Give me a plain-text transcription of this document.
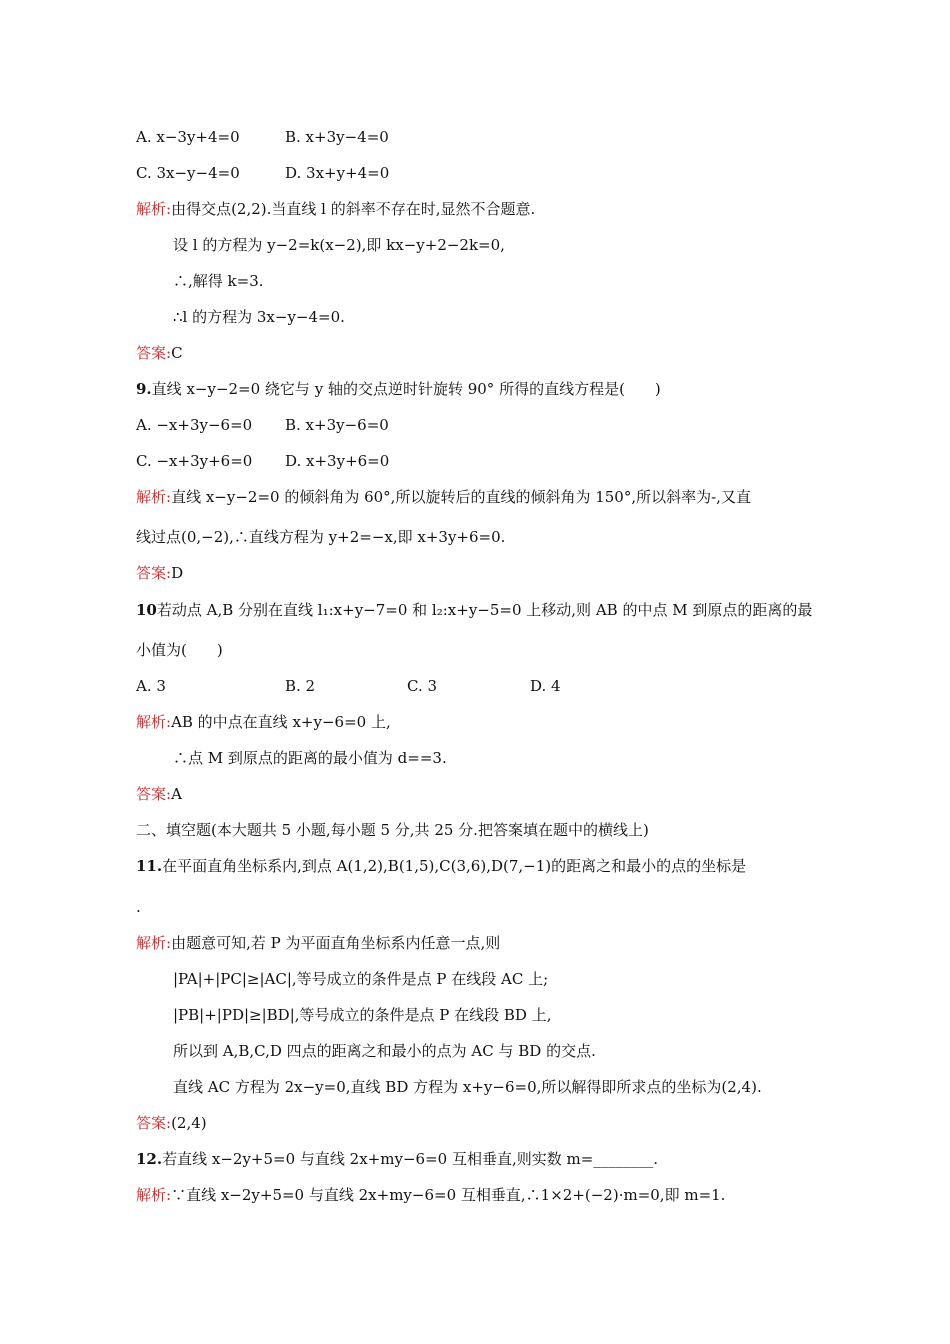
A. x−3y+4=0	B. x+3y−4=0
C. 3x−y−4=0	D. 3x+y+4=0
解析:由得交点(2,2).当直线 l 的斜率不存在时,显然不合题意.
设 l 的方程为 y−2=k(x−2),即 kx−y+2−2k=0,
∴,解得 k=3.
∴l 的方程为 3x−y−4=0.
答案:C
9.直线 x−y−2=0 绕它与 y 轴的交点逆时针旋转 90° 所得的直线方程是(　　)
A. −x+3y−6=0 B. x+3y−6=0
C. −x+3y+6=0 D. x+3y+6=0
解析:直线 x−y−2=0 的倾斜角为 60°,所以旋转后的直线的倾斜角为 150°,所以斜率为-,又直
线过点(0,−2),∴直线方程为 y+2=−x,即 x+3y+6=0.
答案:D
10若动点 A,B 分别在直线 l₁:x+y−7=0 和 l₂:x+y−5=0 上移动,则 AB 的中点 M 到原点的距离的最
小值为(　　)
A. 3	B. 2	C. 3	D. 4
解析:AB 的中点在直线 x+y−6=0 上,
∴点 M 到原点的距离的最小值为 d==3.
答案:A
二、填空题(本大题共 5 小题,每小题 5 分,共 25 分.把答案填在题中的横线上)
11.在平面直角坐标系内,到点 A(1,2),B(1,5),C(3,6),D(7,−1)的距离之和最小的点的坐标是
.
解析:由题意可知,若 P 为平面直角坐标系内任意一点,则
|PA|+|PC|≥|AC|,等号成立的条件是点 P 在线段 AC 上;
|PB|+|PD|≥|BD|,等号成立的条件是点 P 在线段 BD 上,
所以到 A,B,C,D 四点的距离之和最小的点为 AC 与 BD 的交点.
直线 AC 方程为 2x−y=0,直线 BD 方程为 x+y−6=0,所以解得即所求点的坐标为(2,4).
答案:(2,4)
12.若直线 x−2y+5=0 与直线 2x+my−6=0 互相垂直,则实数 m=________.
解析:∵直线 x−2y+5=0 与直线 2x+my−6=0 互相垂直,∴1×2+(−2)·m=0,即 m=1.
